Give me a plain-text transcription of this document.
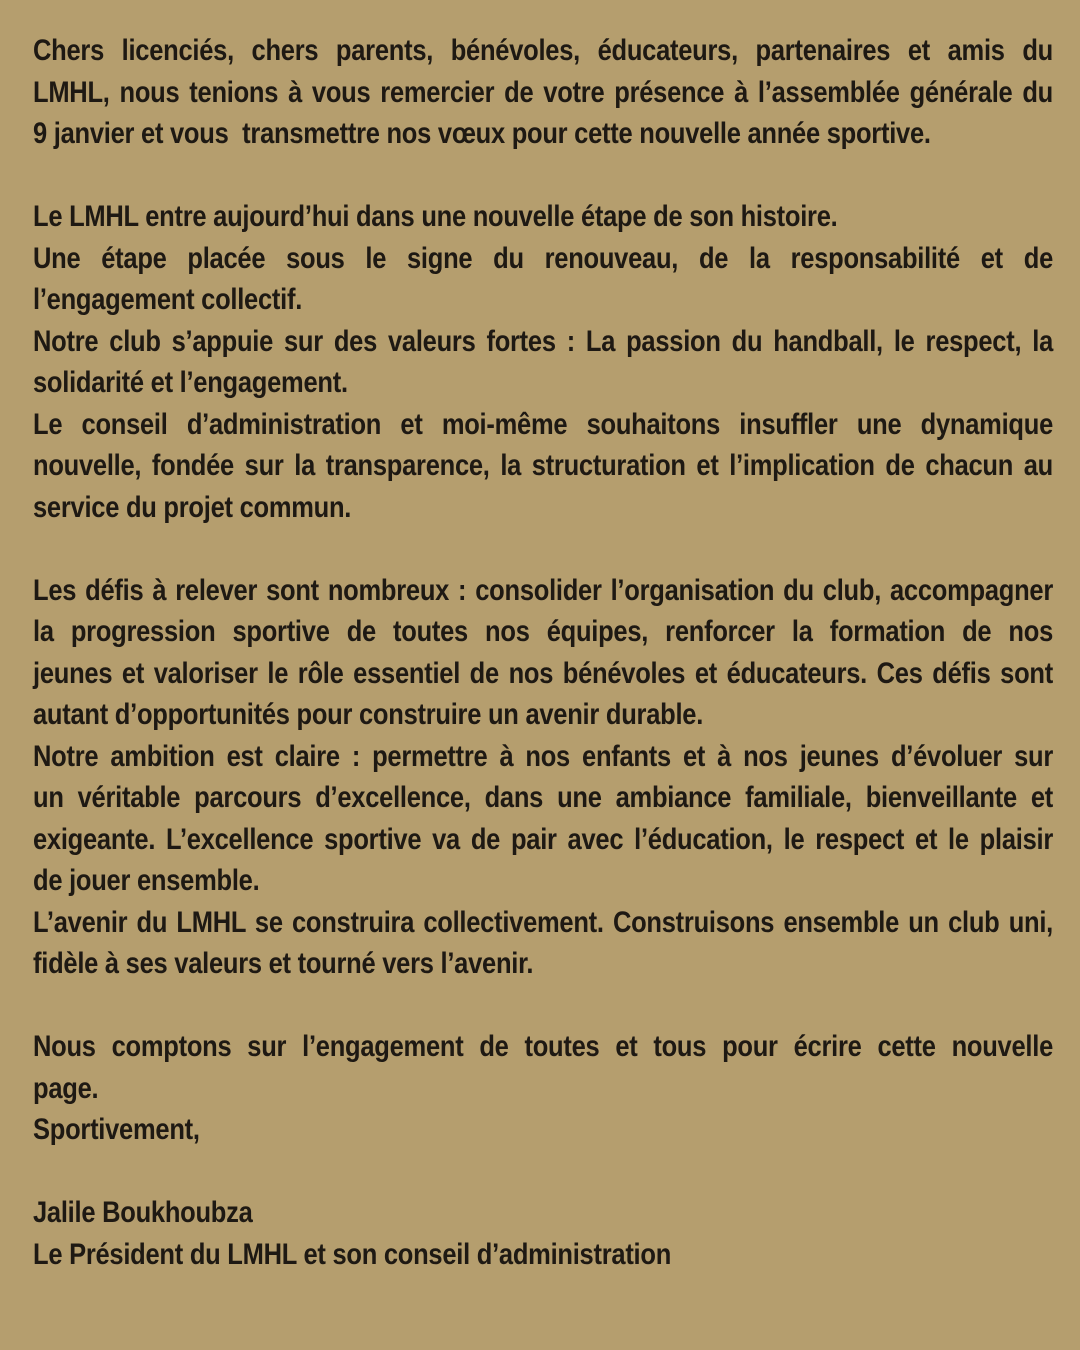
Chers licenciés, chers parents, bénévoles, éducateurs, partenaires et amis du
LMHL, nous tenions à vous remercier de votre présence à l’assemblée générale du
9 janvier et vous  transmettre nos vœux pour cette nouvelle année sportive.
Le LMHL entre aujourd’hui dans une nouvelle étape de son histoire.
Une étape placée sous le signe du renouveau, de la responsabilité et de
l’engagement collectif.
Notre club s’appuie sur des valeurs fortes : La passion du handball, le respect, la
solidarité et l’engagement.
Le conseil d’administration et moi-même souhaitons insuffler une dynamique
nouvelle, fondée sur la transparence, la structuration et l’implication de chacun au
service du projet commun.
Les défis à relever sont nombreux : consolider l’organisation du club, accompagner
la progression sportive de toutes nos équipes, renforcer la formation de nos
jeunes et valoriser le rôle essentiel de nos bénévoles et éducateurs. Ces défis sont
autant d’opportunités pour construire un avenir durable.
Notre ambition est claire : permettre à nos enfants et à nos jeunes d’évoluer sur
un véritable parcours d’excellence, dans une ambiance familiale, bienveillante et
exigeante. L’excellence sportive va de pair avec l’éducation, le respect et le plaisir
de jouer ensemble.
L’avenir du LMHL se construira collectivement. Construisons ensemble un club uni,
fidèle à ses valeurs et tourné vers l’avenir.
Nous comptons sur l’engagement de toutes et tous pour écrire cette nouvelle
page.
Sportivement,
Jalile Boukhoubza
Le Président du LMHL et son conseil d’administration
